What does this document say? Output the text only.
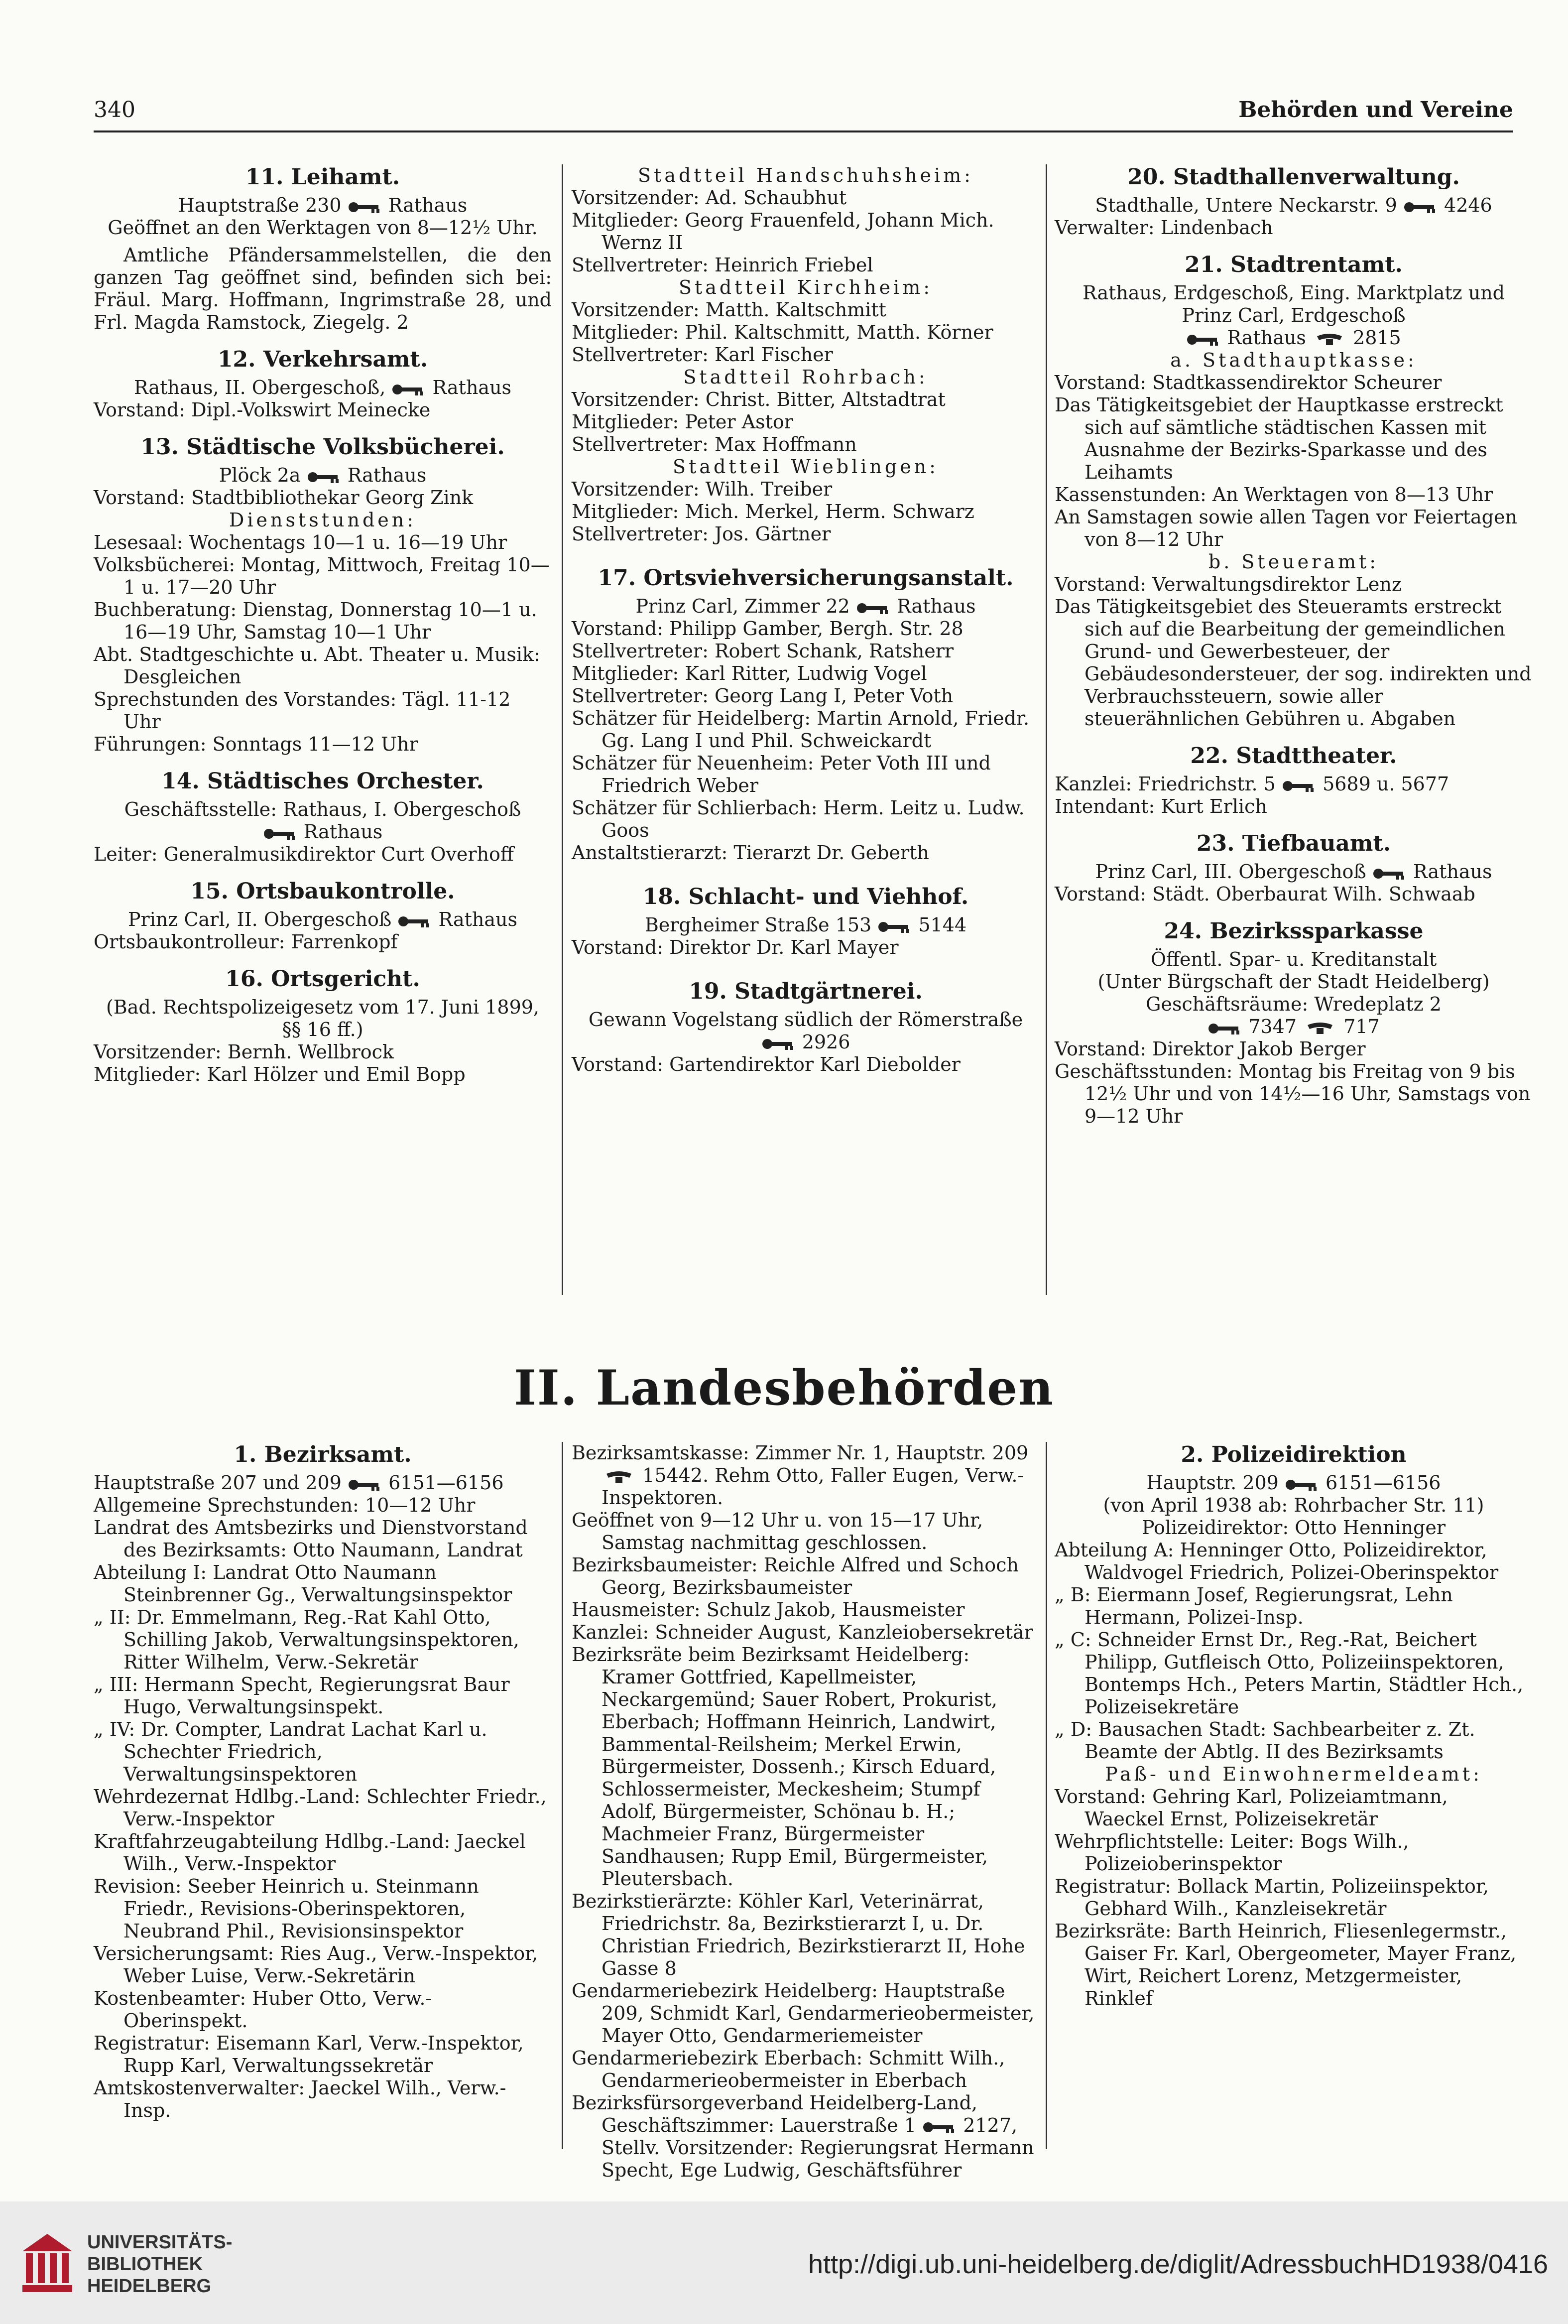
340	Behörden und Vereine
11. Leihamt.

Hauptstraße 230 Rathaus

Geöffnet an den Werktagen von 8—12½ Uhr.

Amtliche Pfändersammelstellen, die den ganzen Tag geöffnet sind, befinden sich bei: Fräul. Marg. Hoffmann, Ingrimstraße 28, und Frl. Magda Ramstock, Ziegelg. 2

12. Verkehrsamt.

Rathaus, II. Obergeschoß, Rathaus

Vorstand: Dipl.-Volkswirt Meinecke

13. Städtische Volksbücherei.

Plöck 2a Rathaus

Vorstand: Stadtbibliothekar Georg Zink

Dienststunden:

Lesesaal: Wochentags 10—1 u. 16—19 Uhr

Volksbücherei: Montag, Mittwoch, Freitag 10—1 u. 17—20 Uhr

Buchberatung: Dienstag, Donnerstag 10—1 u. 16—19 Uhr, Samstag 10—1 Uhr

Abt. Stadtgeschichte u. Abt. Theater u. Musik: Desgleichen

Sprechstunden des Vorstandes: Tägl. 11-12 Uhr

Führungen: Sonntags 11—12 Uhr

14. Städtisches Orchester.

Geschäftsstelle: Rathaus, I. Obergeschoß

Rathaus

Leiter: Generalmusikdirektor Curt Overhoff

15. Ortsbaukontrolle.

Prinz Carl, II. Obergeschoß Rathaus

Ortsbaukontrolleur: Farrenkopf

16. Ortsgericht.

(Bad. Rechtspolizeigesetz vom 17. Juni 1899, §§ 16 ff.)

Vorsitzender: Bernh. Wellbrock

Mitglieder: Karl Hölzer und Emil Bopp

Stadtteil Handschuhsheim:

Vorsitzender: Ad. Schaubhut

Mitglieder: Georg Frauenfeld, Johann Mich. Wernz II

Stellvertreter: Heinrich Friebel

Stadtteil Kirchheim:

Vorsitzender: Matth. Kaltschmitt

Mitglieder: Phil. Kaltschmitt, Matth. Körner

Stellvertreter: Karl Fischer

Stadtteil Rohrbach:

Vorsitzender: Christ. Bitter, Altstadtrat

Mitglieder: Peter Astor

Stellvertreter: Max Hoffmann

Stadtteil Wieblingen:

Vorsitzender: Wilh. Treiber

Mitglieder: Mich. Merkel, Herm. Schwarz

Stellvertreter: Jos. Gärtner

17. Ortsviehversicherungsanstalt.

Prinz Carl, Zimmer 22 Rathaus

Vorstand: Philipp Gamber, Bergh. Str. 28

Stellvertreter: Robert Schank, Ratsherr

Mitglieder: Karl Ritter, Ludwig Vogel

Stellvertreter: Georg Lang I, Peter Voth

Schätzer für Heidelberg: Martin Arnold, Friedr. Gg. Lang I und Phil. Schweickardt

Schätzer für Neuenheim: Peter Voth III und Friedrich Weber

Schätzer für Schlierbach: Herm. Leitz u. Ludw. Goos

Anstaltstierarzt: Tierarzt Dr. Geberth

18. Schlacht- und Viehhof.

Bergheimer Straße 153 5144

Vorstand: Direktor Dr. Karl Mayer

19. Stadtgärtnerei.

Gewann Vogelstang südlich der Römerstraße

2926

Vorstand: Gartendirektor Karl Diebolder

20. Stadthallenverwaltung.

Stadthalle, Untere Neckarstr. 9 4246

Verwalter: Lindenbach

21. Stadtrentamt.

Rathaus, Erdgeschoß, Eing. Marktplatz und Prinz Carl, Erdgeschoß

Rathaus 2815

a. Stadthauptkasse:

Vorstand: Stadtkassendirektor Scheurer

Das Tätigkeitsgebiet der Hauptkasse erstreckt sich auf sämtliche städtischen Kassen mit Ausnahme der Bezirks-Sparkasse und des Leihamts

Kassenstunden: An Werktagen von 8—13 Uhr

An Samstagen sowie allen Tagen vor Feiertagen von 8—12 Uhr

b. Steueramt:

Vorstand: Verwaltungsdirektor Lenz

Das Tätigkeitsgebiet des Steueramts erstreckt sich auf die Bearbeitung der gemeindlichen Grund- und Gewerbesteuer, der Gebäudesondersteuer, der sog. indirekten und Verbrauchssteuern, sowie aller steuerähnlichen Gebühren u. Abgaben

22. Stadttheater.

Kanzlei: Friedrichstr. 5 5689 u. 5677

Intendant: Kurt Erlich

23. Tiefbauamt.

Prinz Carl, III. Obergeschoß Rathaus

Vorstand: Städt. Oberbaurat Wilh. Schwaab

24. Bezirkssparkasse

Öffentl. Spar- u. Kreditanstalt

(Unter Bürgschaft der Stadt Heidelberg)

Geschäftsräume: Wredeplatz 2

7347 717

Vorstand: Direktor Jakob Berger

Geschäftsstunden: Montag bis Freitag von 9 bis 12½ Uhr und von 14½—16 Uhr, Samstags von 9—12 Uhr

II. Landesbehörden
1. Bezirksamt.

Hauptstraße 207 und 209 6151—6156

Allgemeine Sprechstunden: 10—12 Uhr

Landrat des Amtsbezirks und Dienstvorstand des Bezirksamts: Otto Naumann, Landrat

Abteilung I: Landrat Otto Naumann Steinbrenner Gg., Verwaltungsinspektor

„ II: Dr. Emmelmann, Reg.-Rat Kahl Otto, Schilling Jakob, Verwaltungsinspektoren, Ritter Wilhelm, Verw.-Sekretär

„ III: Hermann Specht, Regierungsrat Baur Hugo, Verwaltungsinspekt.

„ IV: Dr. Compter, Landrat Lachat Karl u. Schechter Friedrich, Verwaltungsinspektoren

Wehrdezernat Hdlbg.-Land: Schlechter Friedr., Verw.-Inspektor

Kraftfahrzeugabteilung Hdlbg.-Land: Jaeckel Wilh., Verw.-Inspektor

Revision: Seeber Heinrich u. Steinmann Friedr., Revisions-Oberinspektoren, Neubrand Phil., Revisionsinspektor

Versicherungsamt: Ries Aug., Verw.-Inspektor, Weber Luise, Verw.-Sekretärin

Kostenbeamter: Huber Otto, Verw.-Oberinspekt.

Registratur: Eisemann Karl, Verw.-Inspektor, Rupp Karl, Verwaltungssekretär

Amtskostenverwalter: Jaeckel Wilh., Verw.-Insp.

Bezirksamtskasse: Zimmer Nr. 1, Hauptstr. 209  15442. Rehm Otto, Faller Eugen, Verw.-Inspektoren.

Geöffnet von 9—12 Uhr u. von 15—17 Uhr, Samstag nachmittag geschlossen.

Bezirksbaumeister: Reichle Alfred und Schoch Georg, Bezirksbaumeister

Hausmeister: Schulz Jakob, Hausmeister

Kanzlei: Schneider August, Kanzleiobersekretär

Bezirksräte beim Bezirksamt Heidelberg: Kramer Gottfried, Kapellmeister, Neckargemünd; Sauer Robert, Prokurist, Eberbach; Hoffmann Heinrich, Landwirt, Bammental-Reilsheim; Merkel Erwin, Bürgermeister, Dossenh.; Kirsch Eduard, Schlossermeister, Meckesheim; Stumpf Adolf, Bürgermeister, Schönau b. H.; Machmeier Franz, Bürgermeister Sandhausen; Rupp Emil, Bürgermeister, Pleutersbach.

Bezirkstierärzte: Köhler Karl, Veterinärrat, Friedrichstr. 8a, Bezirkstierarzt I, u. Dr. Christian Friedrich, Bezirkstierarzt II, Hohe Gasse 8

Gendarmeriebezirk Heidelberg: Hauptstraße 209, Schmidt Karl, Gendarmerieobermeister, Mayer Otto, Gendarmeriemeister

Gendarmeriebezirk Eberbach: Schmitt Wilh., Gendarmerieobermeister in Eberbach

Bezirksfürsorgeverband Heidelberg-Land, Geschäftszimmer: Lauerstraße 1 2127,

Stellv. Vorsitzender: Regierungsrat Hermann Specht, Ege Ludwig, Geschäftsführer

2. Polizeidirektion

Hauptstr. 209 6151—6156

(von April 1938 ab: Rohrbacher Str. 11)

Polizeidirektor: Otto Henninger

Abteilung A: Henninger Otto, Polizeidirektor, Waldvogel Friedrich, Polizei-Oberinspektor

„ B: Eiermann Josef, Regierungsrat, Lehn Hermann, Polizei-Insp.

„ C: Schneider Ernst Dr., Reg.-Rat, Beichert Philipp, Gutfleisch Otto, Polizeiinspektoren, Bontemps Hch., Peters Martin, Städtler Hch., Polizeisekretäre

„ D: Bausachen Stadt: Sachbearbeiter z. Zt. Beamte der Abtlg. II des Bezirksamts

Paß- und Einwohnermeldeamt:

Vorstand: Gehring Karl, Polizeiamtmann, Waeckel Ernst, Polizeisekretär

Wehrpflichtstelle: Leiter: Bogs Wilh., Polizeioberinspektor

Registratur: Bollack Martin, Polizeiinspektor, Gebhard Wilh., Kanzleisekretär

Bezirksräte: Barth Heinrich, Fliesenlegermstr., Gaiser Fr. Karl, Obergeometer, Mayer Franz, Wirt, Reichert Lorenz, Metzgermeister, Rinklef

UNIVERSITÄTS-
BIBLIOTHEK
HEIDELBERG
http://digi.ub.uni-heidelberg.de/diglit/AdressbuchHD1938/0416
